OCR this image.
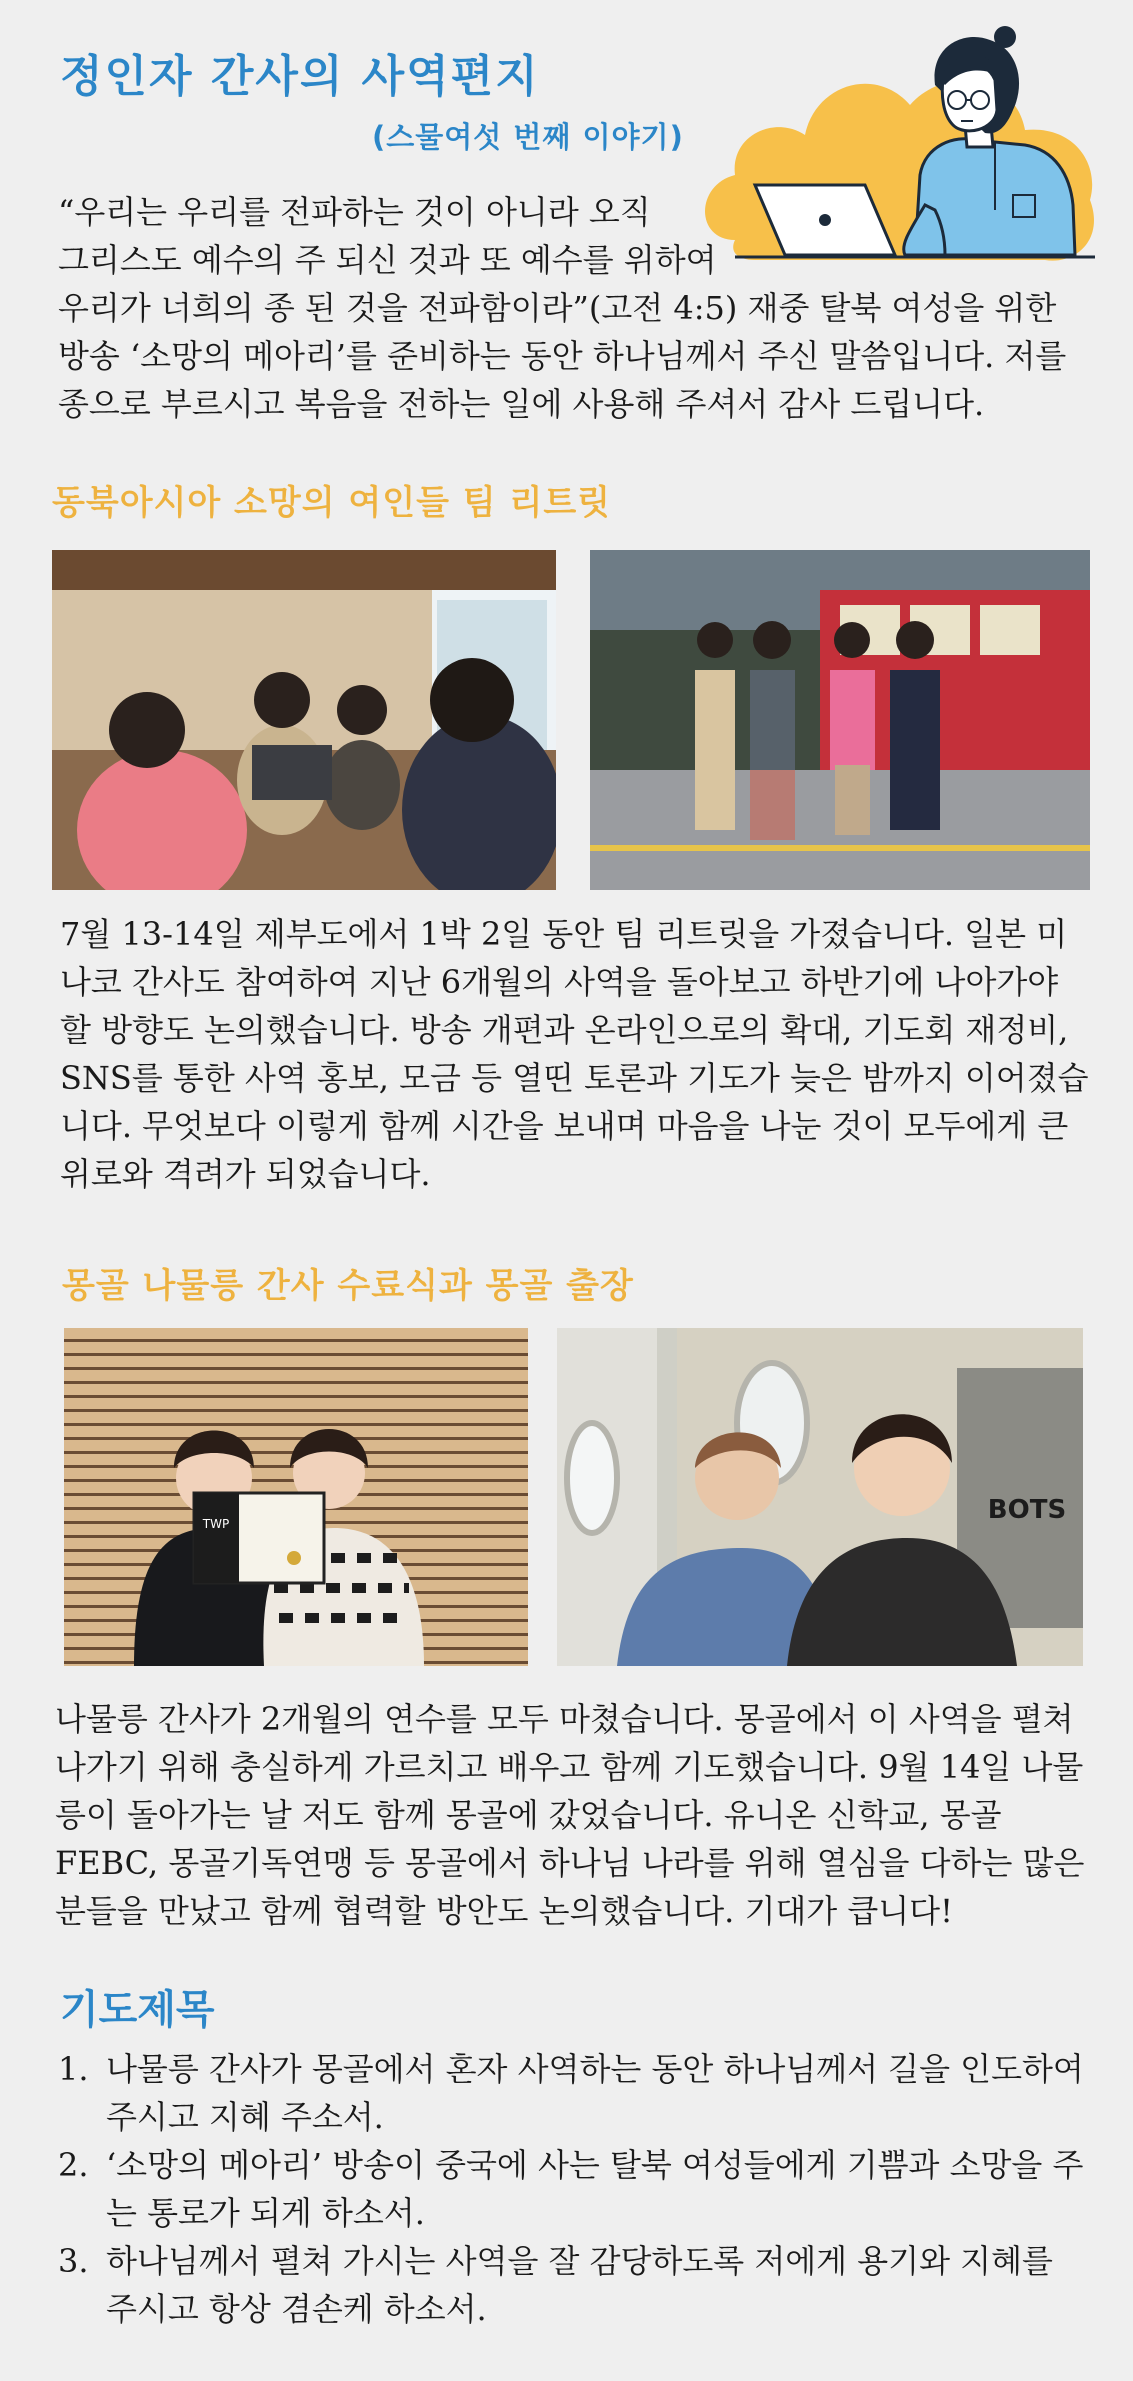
정인자 간사의 사역편지
(스물여섯 번째 이야기)
“우리는 우리를 전파하는 것이 아니라 오직
그리스도 예수의 주 되신 것과 또 예수를 위하여
우리가 너희의 종 된 것을 전파함이라”(고전 4:5) 재중 탈북 여성을 위한 방송 ‘소망의 메아리’를 준비하는 동안 하나님께서 주신 말씀입니다. 저를 종으로 부르시고 복음을 전하는 일에 사용해 주셔서 감사 드립니다.
동북아시아 소망의 여인들 팀 리트릿
7월 13-14일 제부도에서 1박 2일 동안 팀 리트릿을 가졌습니다. 일본 미나코 간사도 참여하여 지난 6개월의 사역을 돌아보고 하반기에 나아가야 할 방향도 논의했습니다. 방송 개편과 온라인으로의 확대, 기도회 재정비, SNS를 통한 사역 홍보, 모금 등 열띤 토론과 기도가 늦은 밤까지 이어졌습니다. 무엇보다 이렇게 함께 시간을 보내며 마음을 나눈 것이 모두에게 큰 위로와 격려가 되었습니다.
몽골 나물릉 간사 수료식과 몽골 출장
TWP	BOTS
나물릉 간사가 2개월의 연수를 모두 마쳤습니다. 몽골에서 이 사역을 펼쳐나가기 위해 충실하게 가르치고 배우고 함께 기도했습니다. 9월 14일 나물릉이 돌아가는 날 저도 함께 몽골에 갔었습니다. 유니온 신학교, 몽골 FEBC, 몽골기독연맹 등 몽골에서 하나님 나라를 위해 열심을 다하는 많은 분들을 만났고 함께 협력할 방안도 논의했습니다. 기대가 큽니다!
기도제목
1. 나물릉 간사가 몽골에서 혼자 사역하는 동안 하나님께서 길을 인도하여 주시고 지혜 주소서.
2. ‘소망의 메아리’ 방송이 중국에 사는 탈북 여성들에게 기쁨과 소망을 주는 통로가 되게 하소서.
3. 하나님께서 펼쳐 가시는 사역을 잘 감당하도록 저에게 용기와 지혜를 주시고 항상 겸손케 하소서.
